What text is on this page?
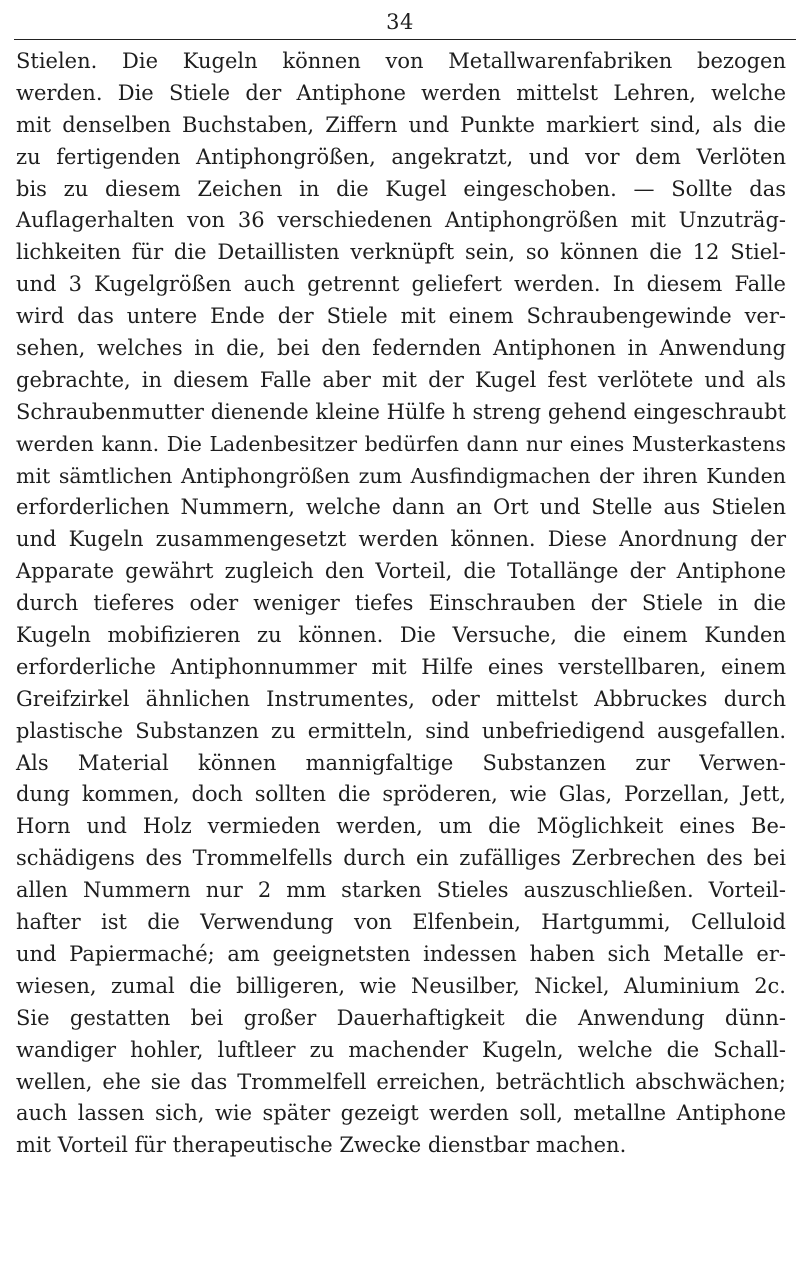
34
Stielen. Die Kugeln können von Metallwarenfabriken bezogen
werden. Die Stiele der Antiphone werden mittelst Lehren, welche
mit denselben Buchstaben, Ziffern und Punkte markiert sind, als die
zu fertigenden Antiphongrößen, angekratzt, und vor dem Verlöten
bis zu diesem Zeichen in die Kugel eingeschoben. — Sollte das
Auflagerhalten von 36 verschiedenen Antiphongrößen mit Unzuträg-
lichkeiten für die Detaillisten verknüpft sein, so können die 12 Stiel-
und 3 Kugelgrößen auch getrennt geliefert werden. In diesem Falle
wird das untere Ende der Stiele mit einem Schraubengewinde ver-
sehen, welches in die, bei den federnden Antiphonen in Anwendung
gebrachte, in diesem Falle aber mit der Kugel fest verlötete und als
Schraubenmutter dienende kleine Hülfe h streng gehend eingeschraubt
werden kann. Die Ladenbesitzer bedürfen dann nur eines Musterkastens
mit sämtlichen Antiphongrößen zum Ausfindigmachen der ihren Kunden
erforderlichen Nummern, welche dann an Ort und Stelle aus Stielen
und Kugeln zusammengesetzt werden können. Diese Anordnung der
Apparate gewährt zugleich den Vorteil, die Totallänge der Antiphone
durch tieferes oder weniger tiefes Einschrauben der Stiele in die
Kugeln mobifizieren zu können. Die Versuche, die einem Kunden
erforderliche Antiphonnummer mit Hilfe eines verstellbaren, einem
Greifzirkel ähnlichen Instrumentes, oder mittelst Abbruckes durch
plastische Substanzen zu ermitteln, sind unbefriedigend ausgefallen.
Als Material können mannigfaltige Substanzen zur Verwen-
dung kommen, doch sollten die spröderen, wie Glas, Porzellan, Jett,
Horn und Holz vermieden werden, um die Möglichkeit eines Be-
schädigens des Trommelfells durch ein zufälliges Zerbrechen des bei
allen Nummern nur 2 mm starken Stieles auszuschließen. Vorteil-
hafter ist die Verwendung von Elfenbein, Hartgummi, Celluloid
und Papiermaché; am geeignetsten indessen haben sich Metalle er-
wiesen, zumal die billigeren, wie Neusilber, Nickel, Aluminium 2c.
Sie gestatten bei großer Dauerhaftigkeit die Anwendung dünn-
wandiger hohler, luftleer zu machender Kugeln, welche die Schall-
wellen, ehe sie das Trommelfell erreichen, beträchtlich abschwächen;
auch lassen sich, wie später gezeigt werden soll, metallne Antiphone
mit Vorteil für therapeutische Zwecke dienstbar machen.
